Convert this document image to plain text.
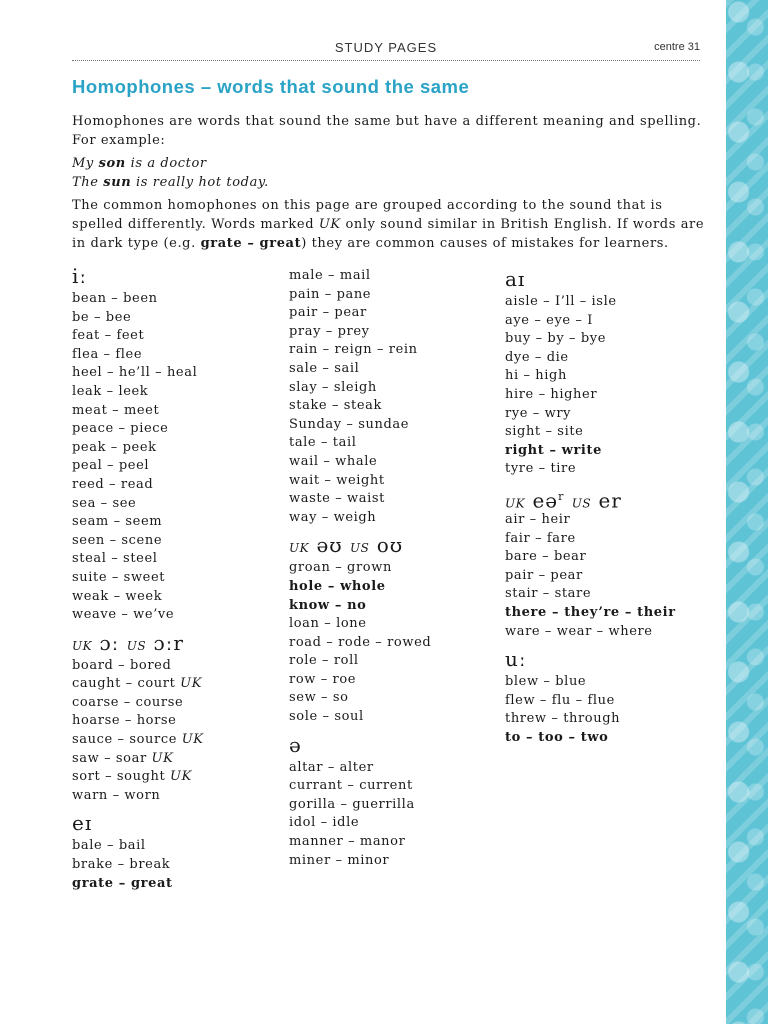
STUDY PAGES	centre 31
Homophones – words that sound the same

Homophones are words that sound the same but have a different meaning and spelling. For example:

My son is a doctor
The sun is really hot today.

The common homophones on this page are grouped according to the sound that is spelled differently. Words marked UK only sound similar in British English. If words are in dark type (e.g. grate – great) they are common causes of mistakes for learners.

iː
bean – been
be – bee
feat – feet
flea – flee
heel – he’ll – heal
leak – leek
meat – meet
peace – piece
peak – peek
peal – peel
reed – read
sea – see
seam – seem
seen – scene
steal – steel
suite – sweet
weak – week
weave – we’ve
UK ɔː US ɔːr
board – bored
caught – court UK
coarse – course
hoarse – horse
sauce – source UK
saw – soar UK
sort – sought UK
warn – worn
eɪ
bale – bail
brake – break
grate – great
male – mail
pain – pane
pair – pear
pray – prey
rain – reign – rein
sale – sail
slay – sleigh
stake – steak
Sunday – sundae
tale – tail
wail – whale
wait – weight
waste – waist
way – weigh
UK əʊ US oʊ
groan – grown
hole – whole
know – no
loan – lone
road – rode – rowed
role – roll
row – roe
sew – so
sole – soul
ə
altar – alter
currant – current
gorilla – guerrilla
idol – idle
manner – manor
miner – minor
aɪ
aisle – I’ll – isle
aye – eye – I
buy – by – bye
dye – die
hi – high
hire – higher
rye – wry
sight – site
right – write
tyre – tire
UK eə$^r$ US er
air – heir
fair – fare
bare – bear
pair – pear
stair – stare
there – they’re – their
ware – wear – where
uː
blew – blue
flew – flu – flue
threw – through
to – too – two
